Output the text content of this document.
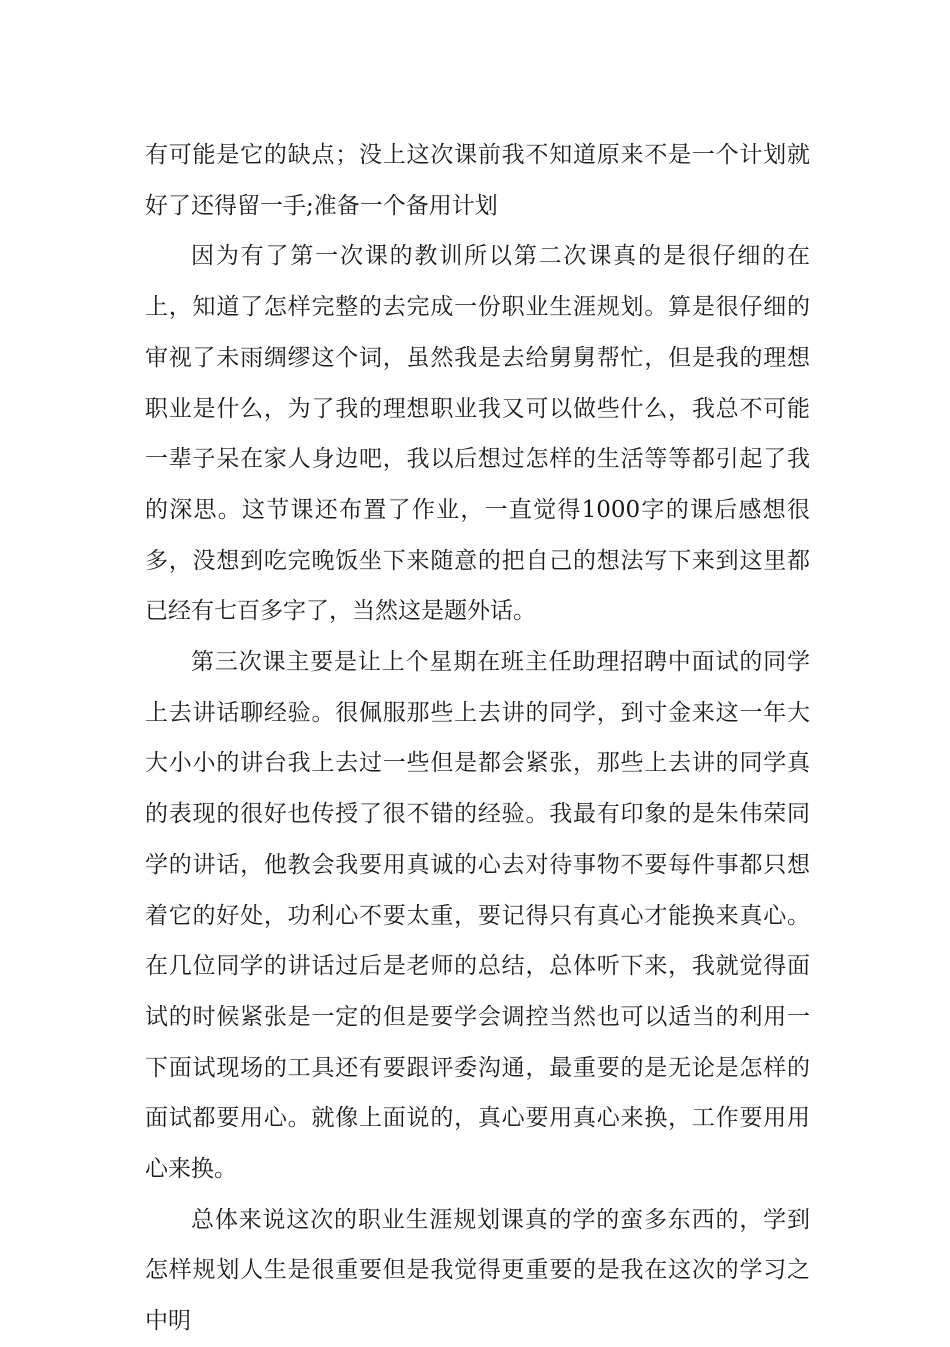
有可能是它的缺点；没上这次课前我不知道原来不是一个计划就好了还得留一手;准备一个备用计划

因为有了第一次课的教训所以第二次课真的是很仔细的在上，知道了怎样完整的去完成一份职业生涯规划。算是很仔细的审视了未雨绸缪这个词，虽然我是去给舅舅帮忙，但是我的理想职业是什么，为了我的理想职业我又可以做些什么，我总不可能一辈子呆在家人身边吧，我以后想过怎样的生活等等都引起了我的深思。这节课还布置了作业，一直觉得1000字的课后感想很多，没想到吃完晚饭坐下来随意的把自己的想法写下来到这里都已经有七百多字了，当然这是题外话。

第三次课主要是让上个星期在班主任助理招聘中面试的同学上去讲话聊经验。很佩服那些上去讲的同学，到寸金来这一年大大小小的讲台我上去过一些但是都会紧张，那些上去讲的同学真的表现的很好也传授了很不错的经验。我最有印象的是朱伟荣同学的讲话，他教会我要用真诚的心去对待事物不要每件事都只想着它的好处，功利心不要太重，要记得只有真心才能换来真心。在几位同学的讲话过后是老师的总结，总体听下来，我就觉得面试的时候紧张是一定的但是要学会调控当然也可以适当的利用一下面试现场的工具还有要跟评委沟通，最重要的是无论是怎样的面试都要用心。就像上面说的，真心要用真心来换，工作要用用心来换。

总体来说这次的职业生涯规划课真的学的蛮多东西的，学到怎样规划人生是很重要但是我觉得更重要的是我在这次的学习之中明
